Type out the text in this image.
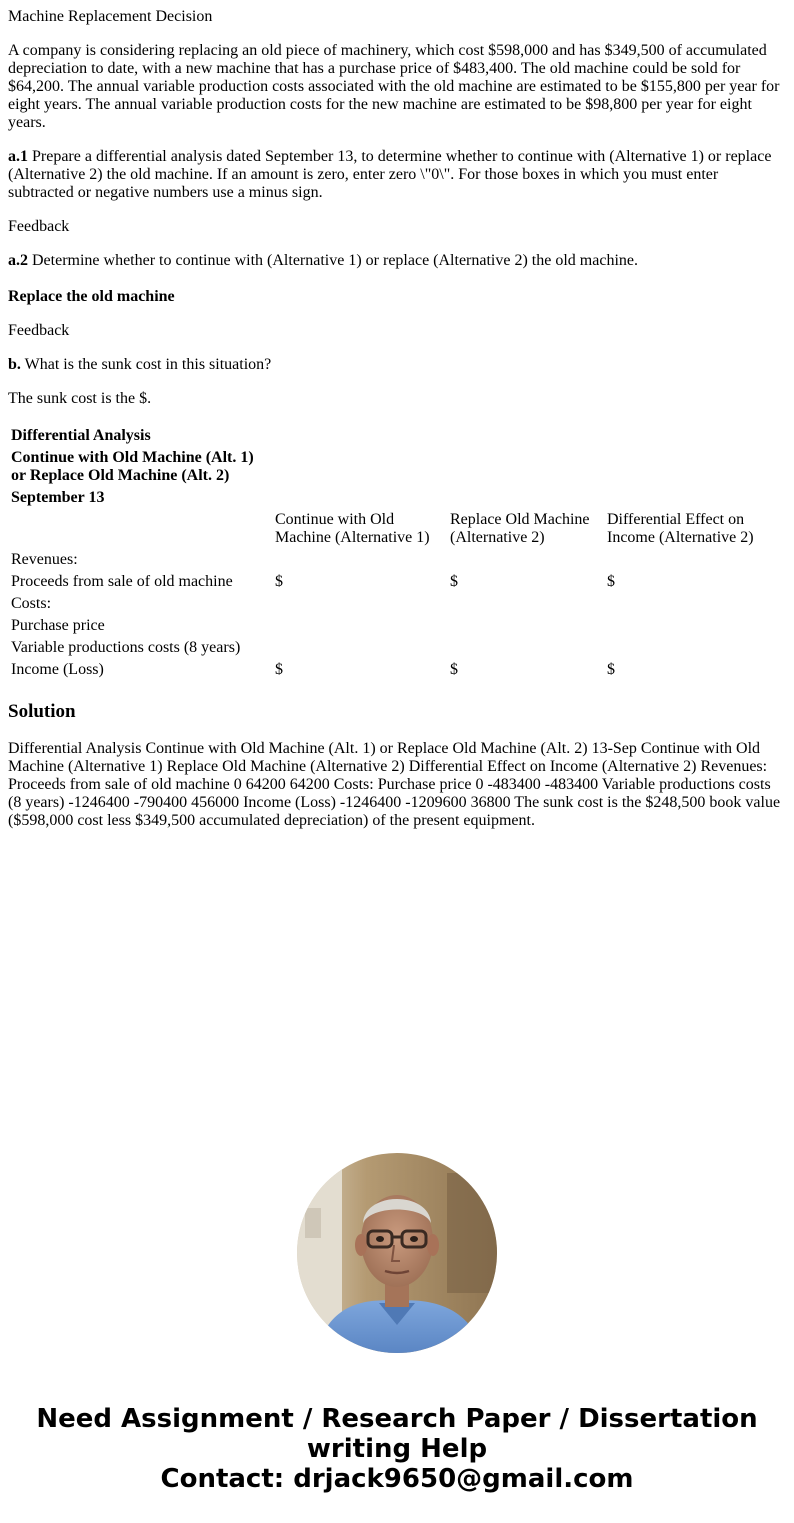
Machine Replacement Decision

A company is considering replacing an old piece of machinery, which cost $598,000 and has $349,500 of accumulated depreciation to date, with a new machine that has a purchase price of $483,400. The old machine could be sold for $64,200. The annual variable production costs associated with the old machine are estimated to be $155,800 per year for eight years. The annual variable production costs for the new machine are estimated to be $98,800 per year for eight years.

a.1 Prepare a differential analysis dated September 13, to determine whether to continue with (Alternative 1) or replace (Alternative 2) the old machine. If an amount is zero, enter zero \"0\". For those boxes in which you must enter subtracted or negative numbers use a minus sign.

Feedback

a.2 Determine whether to continue with (Alternative 1) or replace (Alternative 2) the old machine.

Replace the old machine

Feedback

b. What is the sunk cost in this situation?

The sunk cost is the $.

Differential Analysis			
Continue with Old Machine (Alt. 1) or Replace Old Machine (Alt. 2)			
September 13			
	Continue with Old Machine (Alternative 1)	Replace Old Machine (Alternative 2)	Differential Effect on Income (Alternative 2)
Revenues:			
Proceeds from sale of old machine	$	$	$
Costs:			
Purchase price			
Variable productions costs (8 years)			
Income (Loss)	$	$	$
Solution

Differential Analysis Continue with Old Machine (Alt. 1) or Replace Old Machine (Alt. 2) 13-Sep Continue with Old Machine (Alternative 1) Replace Old Machine (Alternative 2) Differential Effect on Income (Alternative 2) Revenues: Proceeds from sale of old machine 0 64200 64200 Costs: Purchase price 0 -483400 -483400 Variable productions costs (8 years) -1246400 -790400 456000 Income (Loss) -1246400 -1209600 36800 The sunk cost is the $248,500 book value ($598,000 cost less $349,500 accumulated depreciation) of the present equipment.

Need Assignment / Research Paper / Dissertation
writing Help
Contact: drjack9650@gmail.com
